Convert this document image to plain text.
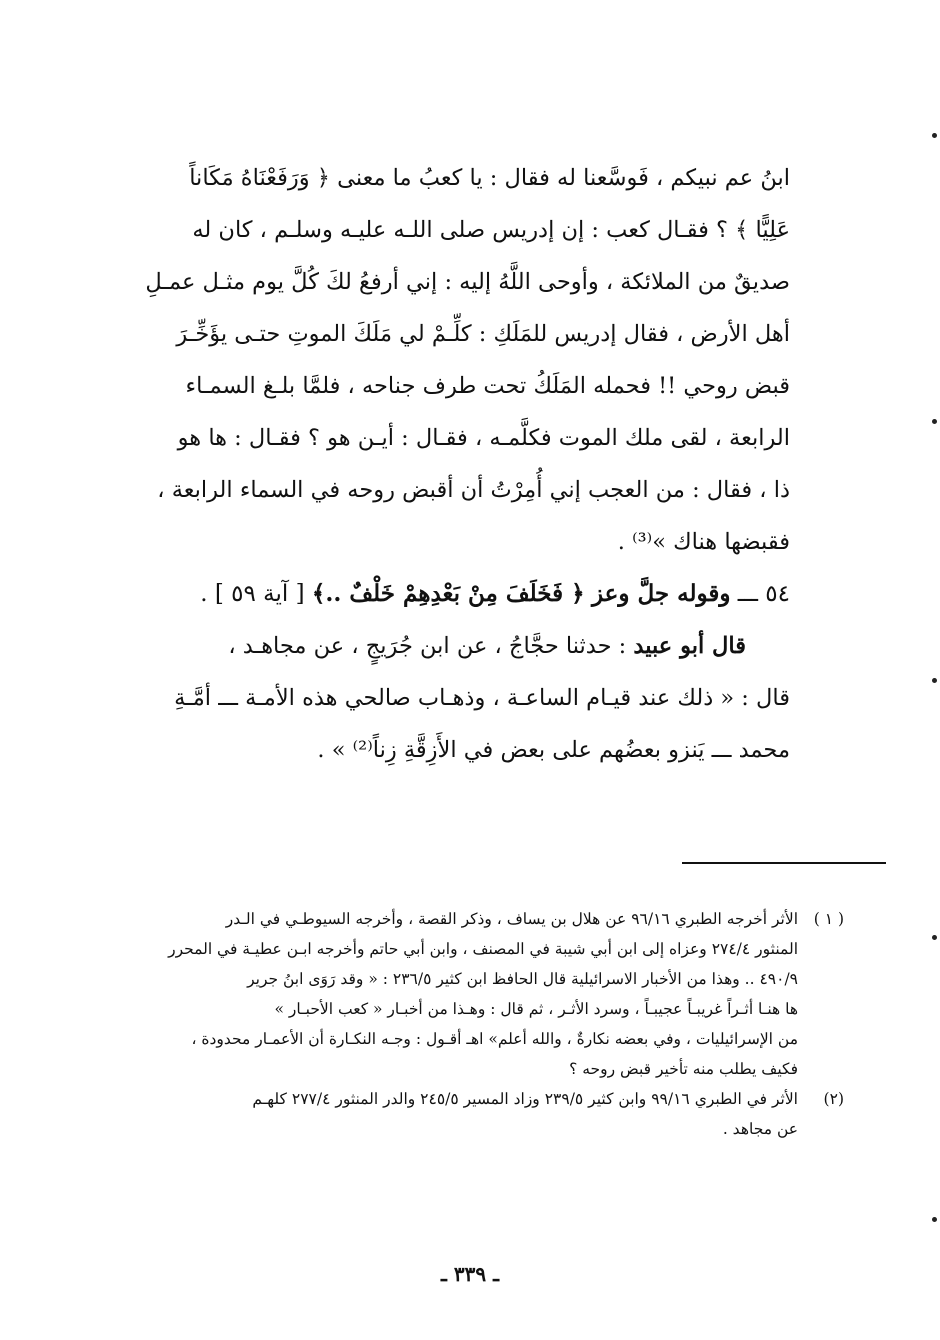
ابنُ عم نبيكم ، فَوسَّعنا له فقال : يا كعبُ ما معنى ﴿ وَرَفَعْنَاهُ مَكَاناً
عَلِيًّا ﴾ ؟ فقـال كعب : إن إدريس صلى اللـه عليـه وسلـم ، كان له
صديقٌ من الملائكة ، وأوحى اللَّهُ إليه : إني أرفعُ لكَ كُلَّ يوم مثـل عمـلِ
أهل الأرض ، فقال إدريس للمَلَكِ : كلِّـمْ لي مَلَكَ الموتِ حتـى يؤَخِّـرَ
قبض روحي !! فحمله المَلَكُ تحت طرف جناحه ، فلمَّا بلـغ السمـاء
الرابعة ، لقى ملك الموت فكلَّمـه ، فقـال : أيـن هو ؟ فقـال : ها هو
ذا ، فقال : من العجب إني أُمِرْتُ أن أقبض روحه في السماء الرابعة ،
فقبضها هناك »⁽³⁾ .
٥٤ ـــ وقوله جلَّ وعز ﴿ فَخَلَفَ مِنْ بَعْدِهِمْ خَلْفٌ ..﴾ [ آية ٥٩ ] .
قال أبو عبيد : حدثنا حجَّاجُ ، عن ابن جُرَيجٍ ، عن مجاهـد ،
قال : « ذلك عند قيـام الساعـة ، وذهـاب صالحي هذه الأمـة ـــ أمَّـةِ
محمد ـــ يَنزو بعضُهم على بعض في الأَزِقَّةِ زِناً⁽²⁾ » .
( ١ )الأثر أخرجه الطبري ٩٦/١٦ عن هلال بن يساف ، وذكر القصة ، وأخرجه السيوطـي في الـدر
المنثور ٢٧٤/٤ وعزاه إلى ابن أبي شيبة في المصنف ، وابن أبي حاتم وأخرجه ابـن عطيـة في المحرر
٤٩٠/٩ .. وهذا من الأخبار الاسرائيلية قال الحافظ ابن كثير ٢٣٦/٥ : « وقد رَوَى ابنُ جرير
ها هنـا أثـراً غريبـاً عجيبـاً ، وسرد الأثـر ، ثم قال : وهـذا من أخبـار « كعب الأحبـار »
من الإسرائيليات ، وفي بعضه نكارةٌ ، والله أعلم» اهـ أقـول : وجـه النكـارة أن الأعمـار محدودة ،
فكيف يطلب منه تأخير قبض روحه ؟
(٢)الأثر في الطبري ٩٩/١٦ وابن كثير ٢٣٩/٥ وزاد المسير ٢٤٥/٥ والدر المنثور ٢٧٧/٤ كلهـم
عن مجاهد .
ـ ٣٣٩ ـ
